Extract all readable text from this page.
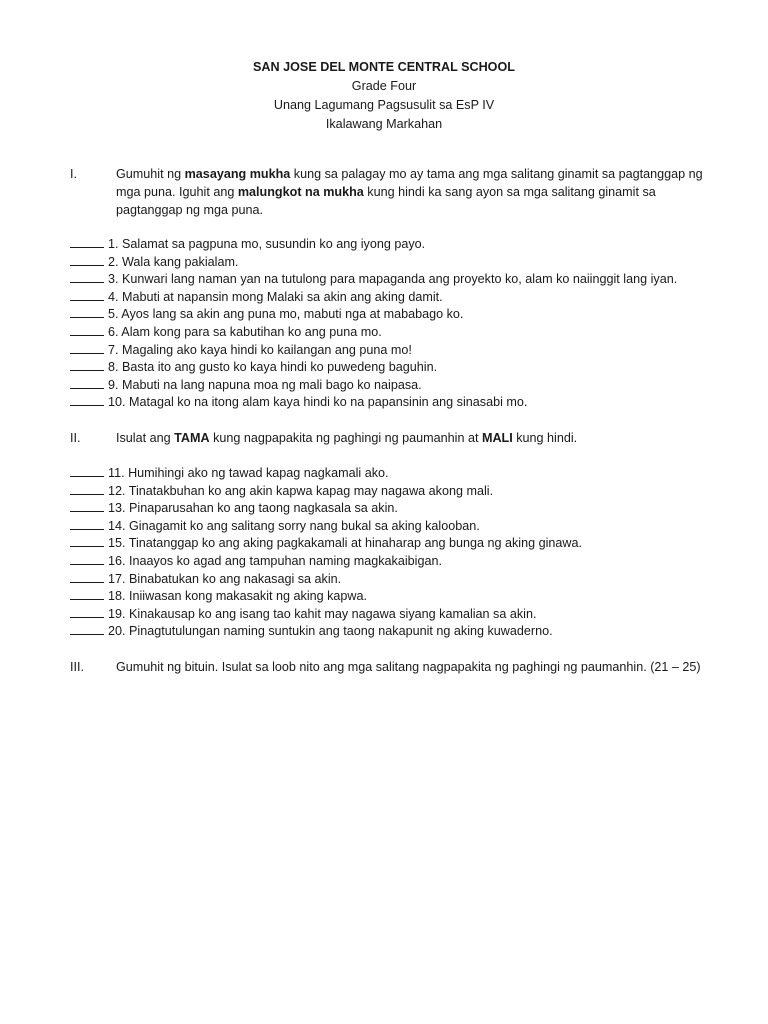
SAN JOSE DEL MONTE CENTRAL SCHOOL
Grade Four
Unang Lagumang Pagsusulit sa EsP IV
Ikalawang Markahan
I.	Gumuhit ng masayang mukha kung sa palagay mo ay tama ang mga salitang ginamit sa pagtanggap ng mga puna. Iguhit ang malungkot na mukha kung hindi ka sang ayon sa mga salitang ginamit sa pagtanggap ng mga puna.
1. Salamat sa pagpuna mo, susundin ko ang iyong payo.
2. Wala kang pakialam.
3. Kunwari lang naman yan na tutulong para mapaganda ang proyekto ko, alam ko naiinggit lang iyan.
4. Mabuti at napansin mong Malaki sa akin ang aking damit.
5. Ayos lang sa akin ang puna mo, mabuti nga at mababago ko.
6. Alam kong para sa kabutihan ko ang puna mo.
7. Magaling ako kaya hindi ko kailangan ang puna mo!
8. Basta ito ang gusto ko kaya hindi ko puwedeng baguhin.
9. Mabuti na lang napuna moa ng mali bago ko naipasa.
10. Matagal ko na itong alam kaya hindi ko na papansinin ang sinasabi mo.
II.	Isulat ang TAMA kung nagpapakita ng paghingi ng paumanhin at MALI kung hindi.
11. Humihingi ako ng tawad kapag nagkamali ako.
12. Tinatakbuhan ko ang akin kapwa kapag may nagawa akong mali.
13. Pinaparusahan ko ang taong nagkasala sa akin.
14. Ginagamit ko ang salitang sorry nang bukal sa aking kalooban.
15. Tinatanggap ko ang aking pagkakamali at hinaharap ang bunga ng aking ginawa.
16. Inaayos ko agad ang tampuhan naming magkakaibigan.
17. Binabatukan ko ang nakasagi sa akin.
18. Iniiwasan kong makasakit ng aking kapwa.
19. Kinakausap ko ang isang tao kahit may nagawa siyang kamalian sa akin.
20. Pinagtutulungan naming suntukin ang taong nakapunit ng aking kuwaderno.
III.	Gumuhit ng bituin. Isulat sa loob nito ang mga salitang nagpapakita ng paghingi ng paumanhin. (21 – 25)
